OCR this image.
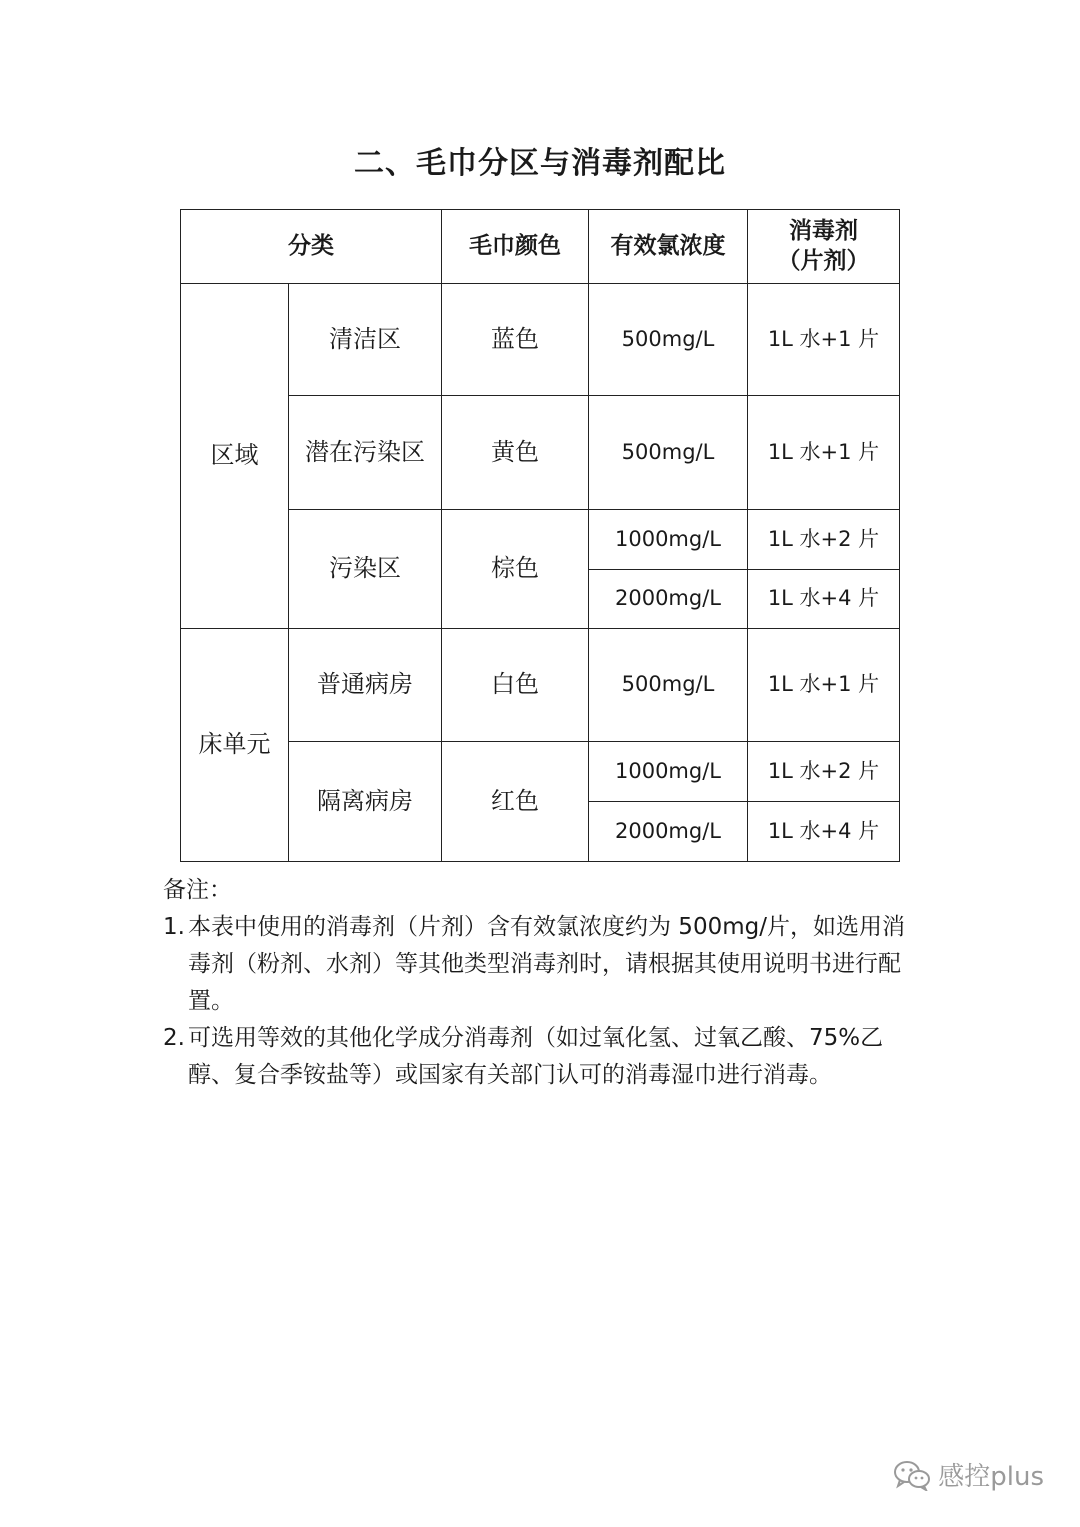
二、毛巾分区与消毒剂配比
分类		毛巾颜色	有效氯浓度	消毒剂
（片剂）

区域	清洁区	蓝色	500mg/L	1L 水+1 片
	潜在污染区	黄色	500mg/L	1L 水+1 片
	污染区	棕色	1000mg/L	1L 水+2 片
			2000mg/L	1L 水+4 片
床单元	普通病房	白色	500mg/L	1L 水+1 片
	隔离病房	红色	1000mg/L	1L 水+2 片
			2000mg/L	1L 水+4 片
备注：
1. 本表中使用的消毒剂（片剂）含有效氯浓度约为 500mg/片，如选用消毒剂（粉剂、水剂）等其他类型消毒剂时，请根据其使用说明书进行配置。
2. 可选用等效的其他化学成分消毒剂（如过氧化氢、过氧乙酸、75%乙醇、复合季铵盐等）或国家有关部门认可的消毒湿巾进行消毒。
感控plus
